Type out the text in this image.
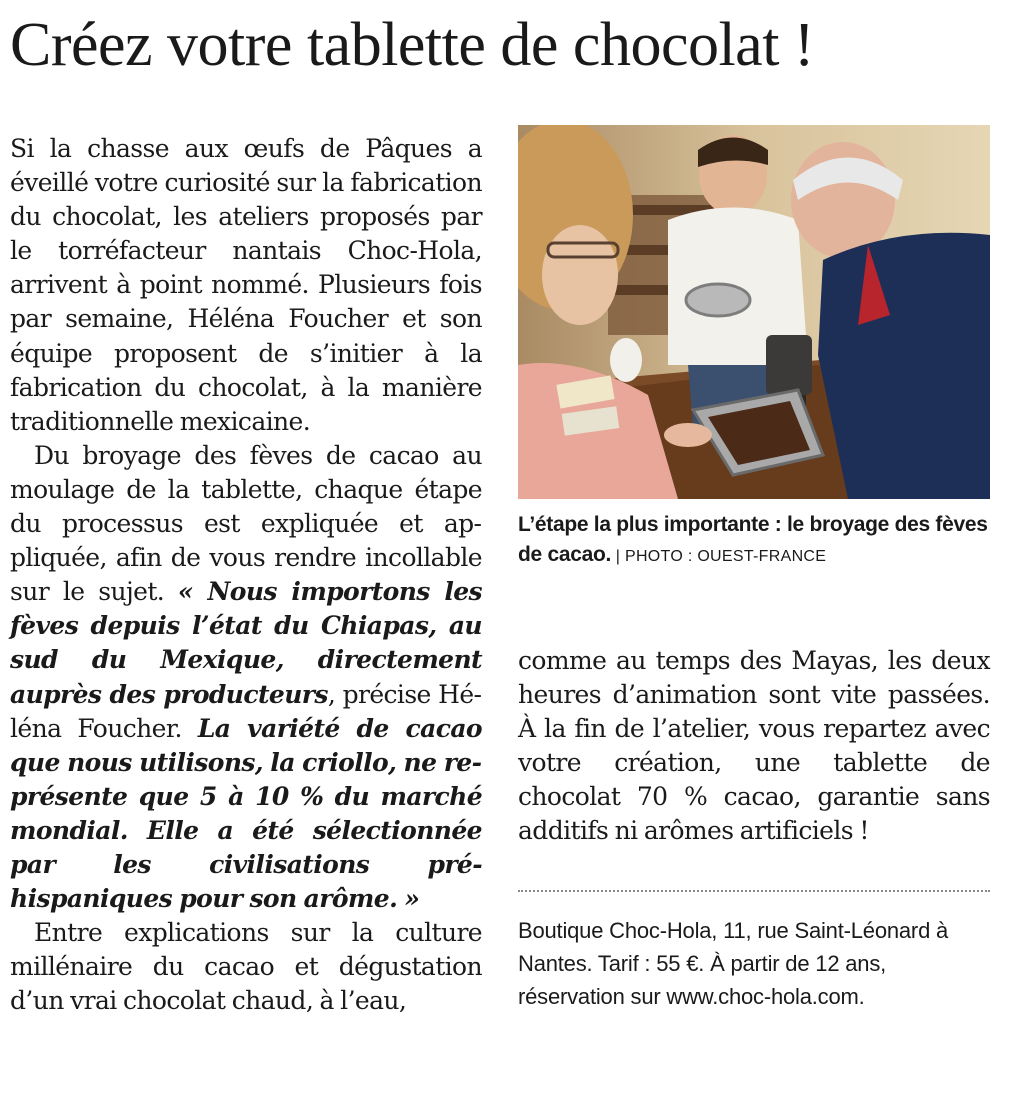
Créez votre tablette de chocolat !

Si la chasse aux œufs de Pâques a éveillé votre curiosité sur la fabrication du chocolat, les ateliers proposés par le torréfacteur nantais Choc-Hola, arrivent à point nommé. Plusieurs fois par semaine, Héléna Foucher et son équipe proposent de s’initier à la fabrication du chocolat, à la manière traditionnelle mexicaine.

Du broyage des fèves de cacao au moulage de la tablette, chaque étape du processus est expliquée et appliquée, afin de vous rendre incollable sur le sujet. « Nous importons les fèves depuis l’état du Chiapas, au sud du Mexique, directement auprès des producteurs, précise Héléna Foucher. La variété de cacao que nous utilisons, la criollo, ne représente que 5 à 10 % du marché mondial. Elle a été sélectionnée par les civilisations pré-hispaniques pour son arôme. »

Entre explications sur la culture millénaire du cacao et dégustation d’un vrai chocolat chaud, à l’eau,

L’étape la plus importante : le broyage des fèves de cacao. | PHOTO : OUEST-FRANCE

comme au temps des Mayas, les deux heures d’animation sont vite passées. À la fin de l’atelier, vous repartez avec votre création, une tablette de chocolat 70 % cacao, garantie sans additifs ni arômes artificiels !

Boutique Choc-Hola, 11, rue Saint-Léonard à Nantes. Tarif : 55 €. À partir de 12 ans, réservation sur www.choc-hola.com.
